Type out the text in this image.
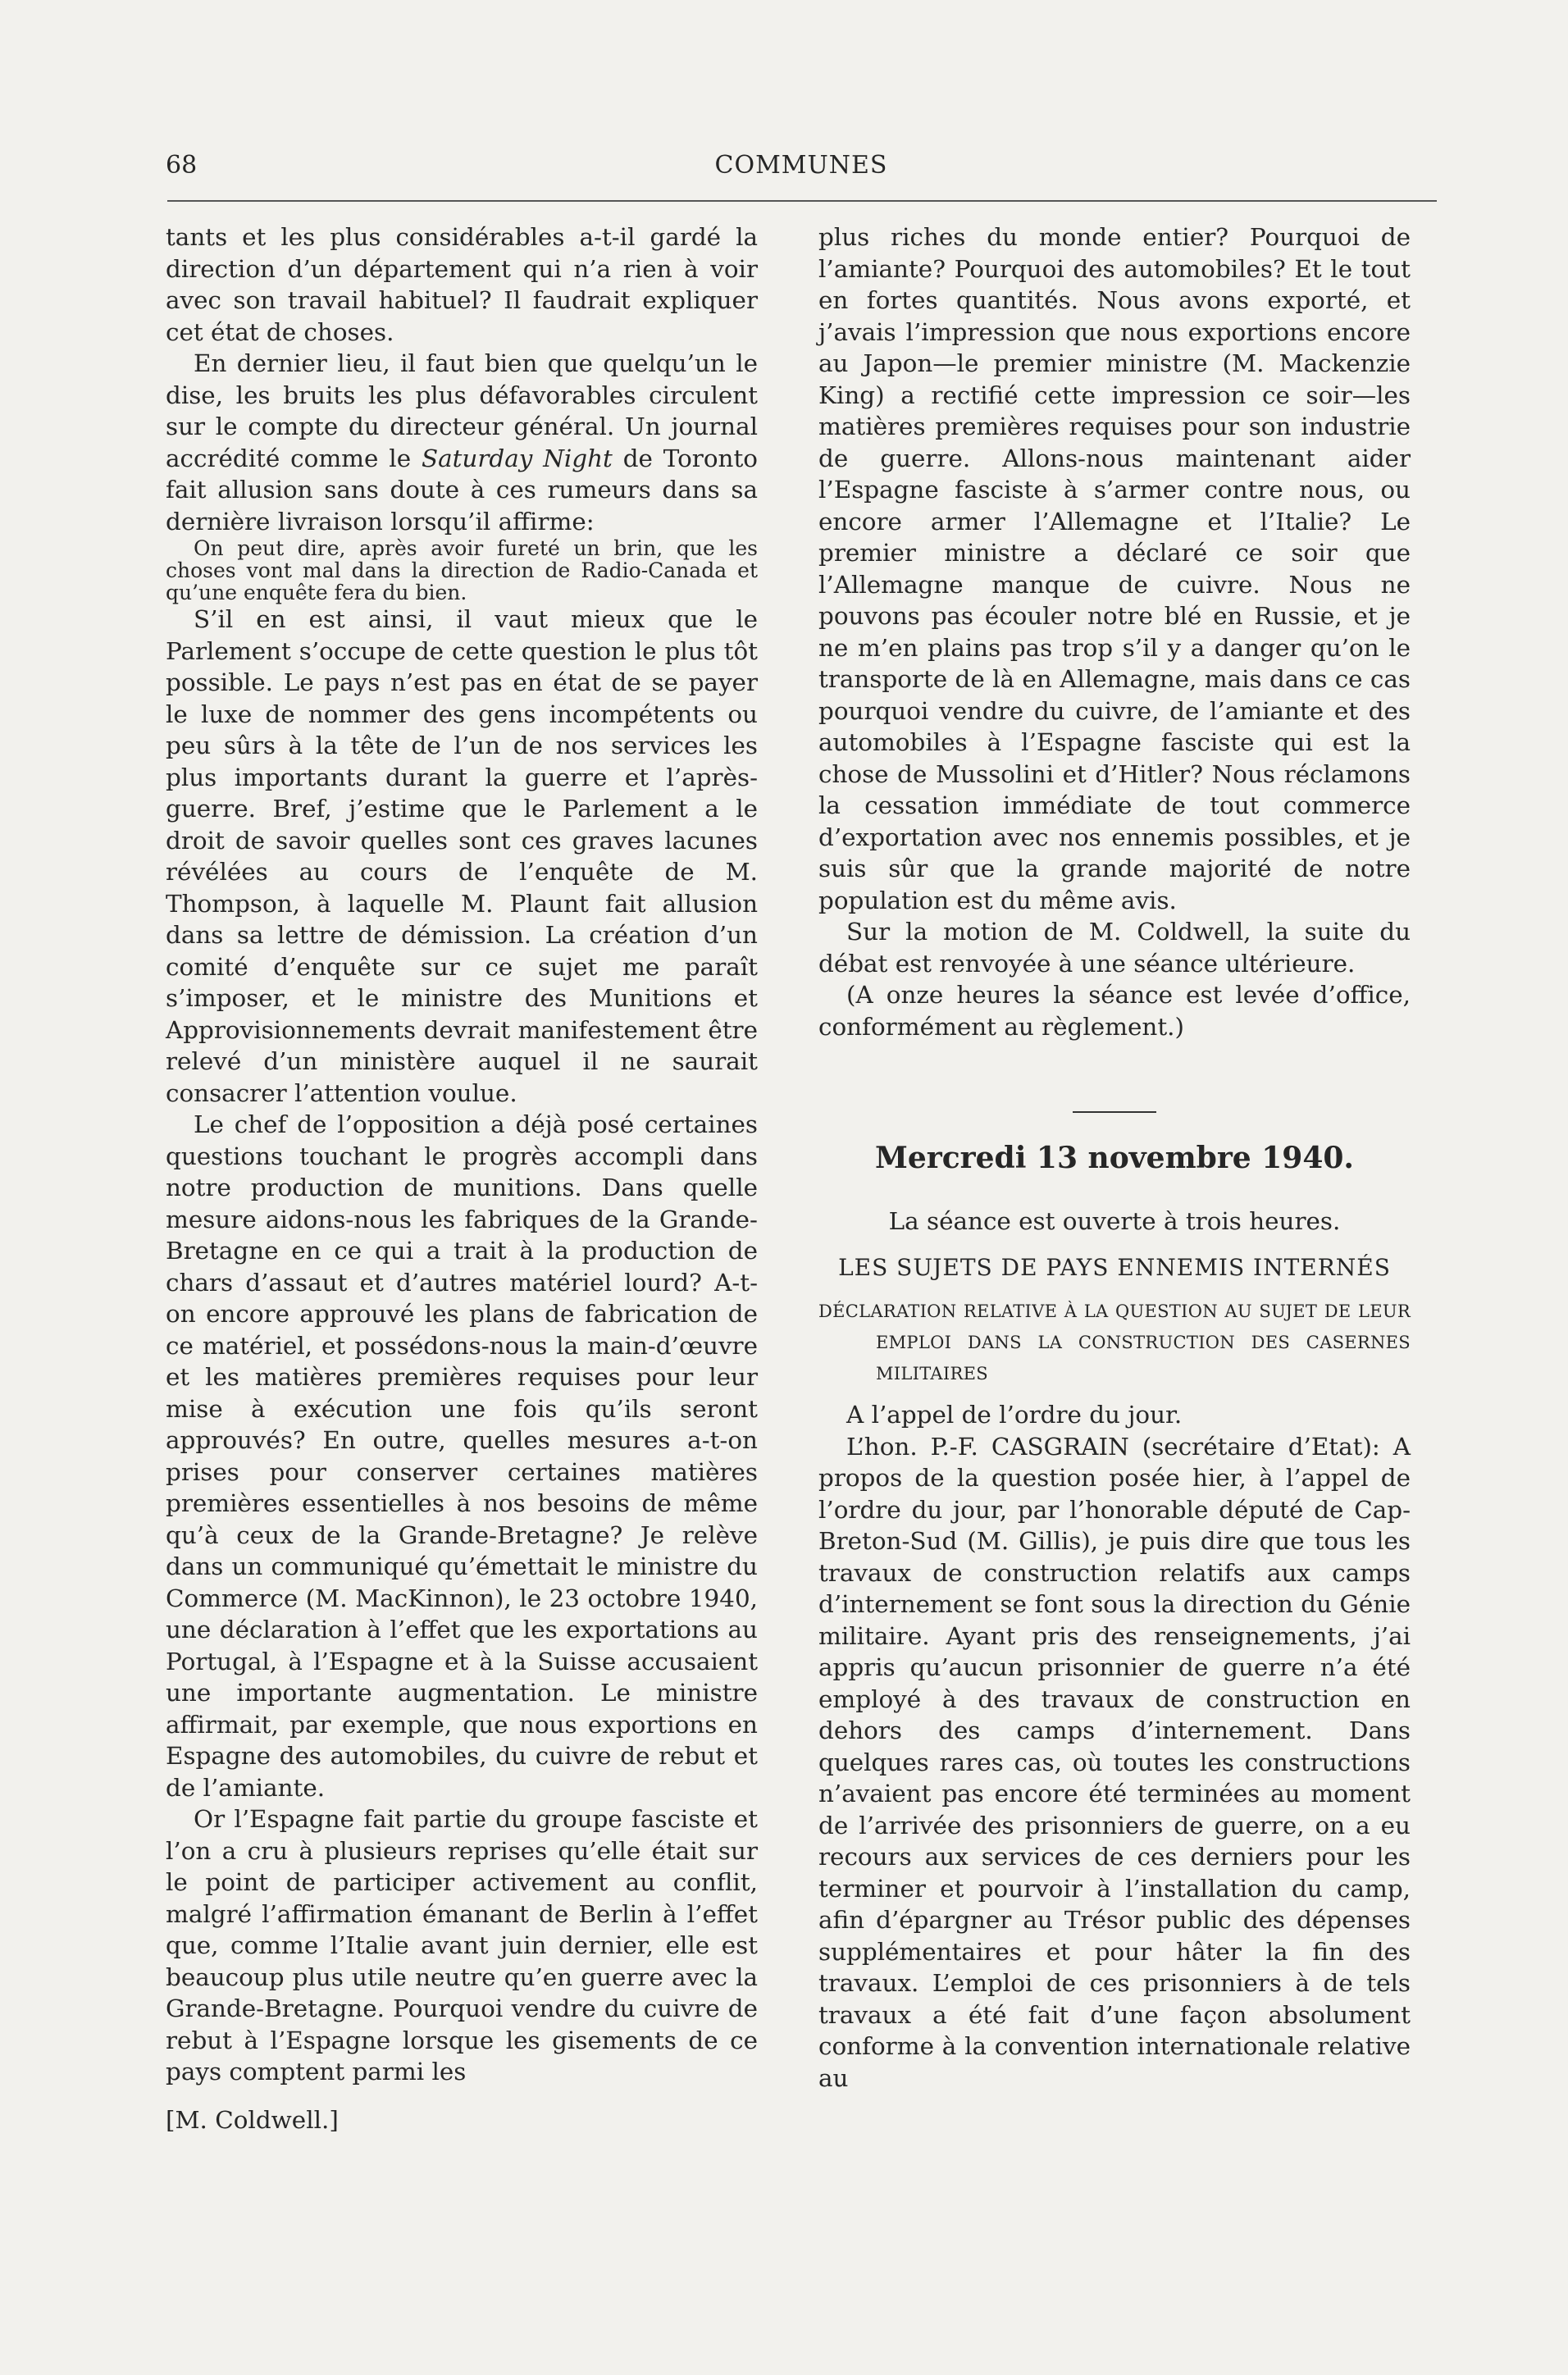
68	COMMUNES

tants et les plus considérables a-t-il gardé la direction d’un département qui n’a rien à voir avec son travail habituel? Il faudrait expliquer cet état de choses.

En dernier lieu, il faut bien que quelqu’un le dise, les bruits les plus défavorables circulent sur le compte du directeur général. Un journal accrédité comme le Saturday Night de Toronto fait allusion sans doute à ces rumeurs dans sa dernière livraison lorsqu’il affirme:

On peut dire, après avoir fureté un brin, que les choses vont mal dans la direction de Radio-Canada et qu’une enquête fera du bien.

S’il en est ainsi, il vaut mieux que le Parlement s’occupe de cette question le plus tôt possible. Le pays n’est pas en état de se payer le luxe de nommer des gens incompétents ou peu sûrs à la tête de l’un de nos services les plus importants durant la guerre et l’après-guerre. Bref, j’estime que le Parlement a le droit de savoir quelles sont ces graves lacunes révélées au cours de l’enquête de M. Thompson, à laquelle M. Plaunt fait allusion dans sa lettre de démission. La création d’un comité d’enquête sur ce sujet me paraît s’imposer, et le ministre des Munitions et Approvisionnements devrait manifestement être relevé d’un ministère auquel il ne saurait consacrer l’attention voulue.

Le chef de l’opposition a déjà posé certaines questions touchant le progrès accompli dans notre production de munitions. Dans quelle mesure aidons-nous les fabriques de la Grande-Bretagne en ce qui a trait à la production de chars d’assaut et d’autres matériel lourd? A-t-on encore approuvé les plans de fabrication de ce matériel, et possédons-nous la main-d’œuvre et les matières premières requises pour leur mise à exécution une fois qu’ils seront approuvés? En outre, quelles mesures a-t-on prises pour conserver certaines matières premières essentielles à nos besoins de même qu’à ceux de la Grande-Bretagne? Je relève dans un communiqué qu’émettait le ministre du Commerce (M. MacKinnon), le 23 octobre 1940, une déclaration à l’effet que les exportations au Portugal, à l’Espagne et à la Suisse accusaient une importante augmentation. Le ministre affirmait, par exemple, que nous exportions en Espagne des automobiles, du cuivre de rebut et de l’amiante.

Or l’Espagne fait partie du groupe fasciste et l’on a cru à plusieurs reprises qu’elle était sur le point de participer activement au conflit, malgré l’affirmation émanant de Berlin à l’effet que, comme l’Italie avant juin dernier, elle est beaucoup plus utile neutre qu’en guerre avec la Grande-Bretagne. Pourquoi vendre du cuivre de rebut à l’Espagne lorsque les gisements de ce pays comptent parmi les

[M. Coldwell.]

plus riches du monde entier? Pourquoi de l’amiante? Pourquoi des automobiles? Et le tout en fortes quantités. Nous avons exporté, et j’avais l’impression que nous exportions encore au Japon—le premier ministre (M. Mackenzie King) a rectifié cette impression ce soir—les matières premières requises pour son industrie de guerre. Allons-nous maintenant aider l’Espagne fasciste à s’armer contre nous, ou encore armer l’Allemagne et l’Italie? Le premier ministre a déclaré ce soir que l’Allemagne manque de cuivre. Nous ne pouvons pas écouler notre blé en Russie, et je ne m’en plains pas trop s’il y a danger qu’on le transporte de là en Allemagne, mais dans ce cas pourquoi vendre du cuivre, de l’amiante et des automobiles à l’Espagne fasciste qui est la chose de Mussolini et d’Hitler? Nous réclamons la cessation immédiate de tout commerce d’exportation avec nos ennemis possibles, et je suis sûr que la grande majorité de notre population est du même avis.

Sur la motion de M. Coldwell, la suite du débat est renvoyée à une séance ultérieure.

(A onze heures la séance est levée d’office, conformément au règlement.)

Mercredi 13 novembre 1940.

La séance est ouverte à trois heures.

LES SUJETS DE PAYS ENNEMIS INTERNÉS
DÉCLARATION RELATIVE À LA QUESTION AU SUJET DE LEUR EMPLOI DANS LA CONSTRUCTION DES CASERNES MILITAIRES

A l’appel de l’ordre du jour.

L’hon. P.-F. CASGRAIN (secrétaire d’Etat): A propos de la question posée hier, à l’appel de l’ordre du jour, par l’honorable député de Cap-Breton-Sud (M. Gillis), je puis dire que tous les travaux de construction relatifs aux camps d’internement se font sous la direction du Génie militaire. Ayant pris des renseignements, j’ai appris qu’aucun prisonnier de guerre n’a été employé à des travaux de construction en dehors des camps d’internement. Dans quelques rares cas, où toutes les constructions n’avaient pas encore été terminées au moment de l’arrivée des prisonniers de guerre, on a eu recours aux services de ces derniers pour les terminer et pourvoir à l’installation du camp, afin d’épargner au Trésor public des dépenses supplémentaires et pour hâter la fin des travaux. L’emploi de ces prisonniers à de tels travaux a été fait d’une façon absolument conforme à la convention internationale relative au
